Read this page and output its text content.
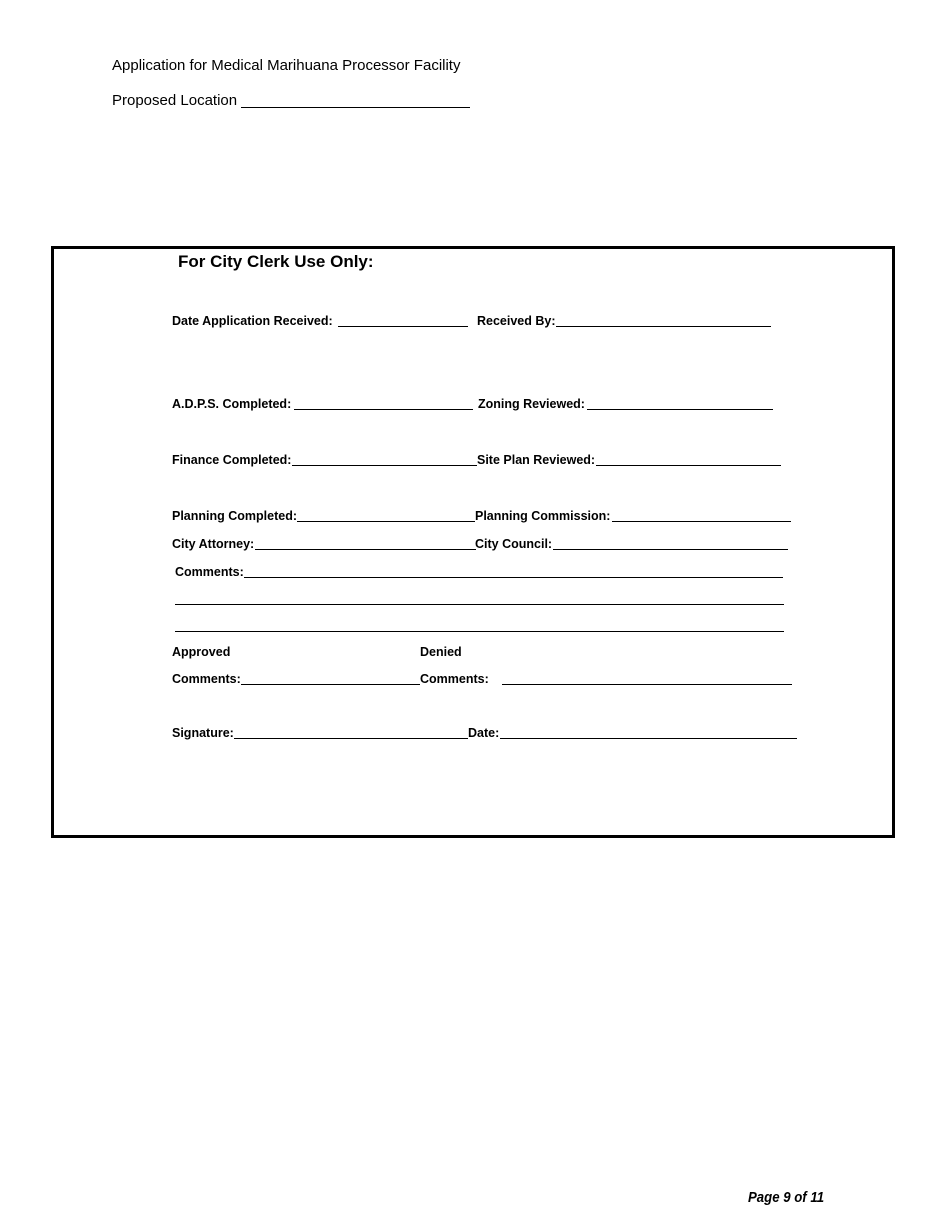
Application for Medical Marihuana Processor Facility
Proposed Location
For City Clerk Use Only:
Date Application Received:	Received By:
A.D.P.S. Completed:	Zoning Reviewed:
Finance Completed:	Site Plan Reviewed:
Planning Completed:	Planning Commission:
City Attorney:	City Council:
Comments:
Approved	Denied
Comments:	Comments:
Signature:	Date:
Page 9 of 11
